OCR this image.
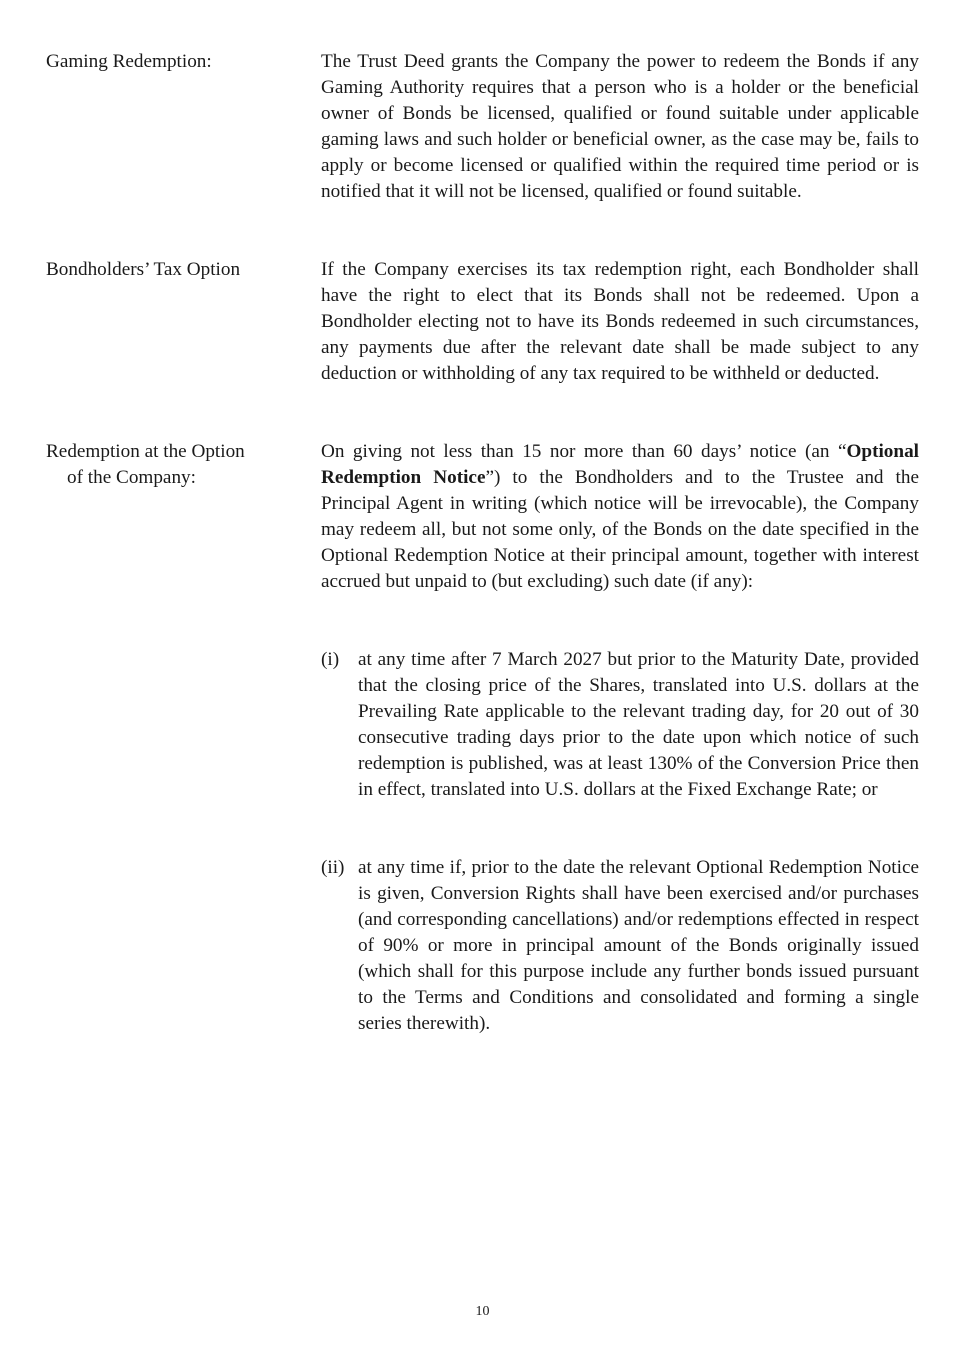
Gaming Redemption:	The Trust Deed grants the Company the power to redeem the Bonds if any Gaming Authority requires that a person who is a holder or the beneficial owner of Bonds be licensed, qualified or found suitable under applicable gaming laws and such holder or beneficial owner, as the case may be, fails to apply or become licensed or qualified within the required time period or is notified that it will not be licensed, qualified or found suitable.

Bondholders’ Tax Option	If the Company exercises its tax redemption right, each Bondholder shall have the right to elect that its Bonds shall not be redeemed. Upon a Bondholder electing not to have its Bonds redeemed in such circumstances, any payments due after the relevant date shall be made subject to any deduction or withholding of any tax required to be withheld or deducted.

Redemption at the Option
of the Company:

On giving not less than 15 nor more than 60 days’ notice (an “Optional Redemption Notice”) to the Bondholders and to the Trustee and the Principal Agent in writing (which notice will be irrevocable), the Company may redeem all, but not some only, of the Bonds on the date specified in the Optional Redemption Notice at their principal amount, together with interest accrued but unpaid to (but excluding) such date (if any):

(i) at any time after 7 March 2027 but prior to the Maturity Date, provided that the closing price of the Shares, translated into U.S. dollars at the Prevailing Rate applicable to the relevant trading day, for 20 out of 30 consecutive trading days prior to the date upon which notice of such redemption is published, was at least 130% of the Conversion Price then in effect, translated into U.S. dollars at the Fixed Exchange Rate; or
(ii) at any time if, prior to the date the relevant Optional Redemption Notice is given, Conversion Rights shall have been exercised and/or purchases (and corresponding cancellations) and/or redemptions effected in respect of 90% or more in principal amount of the Bonds originally issued (which shall for this purpose include any further bonds issued pursuant to the Terms and Conditions and consolidated and forming a single series therewith).
10
